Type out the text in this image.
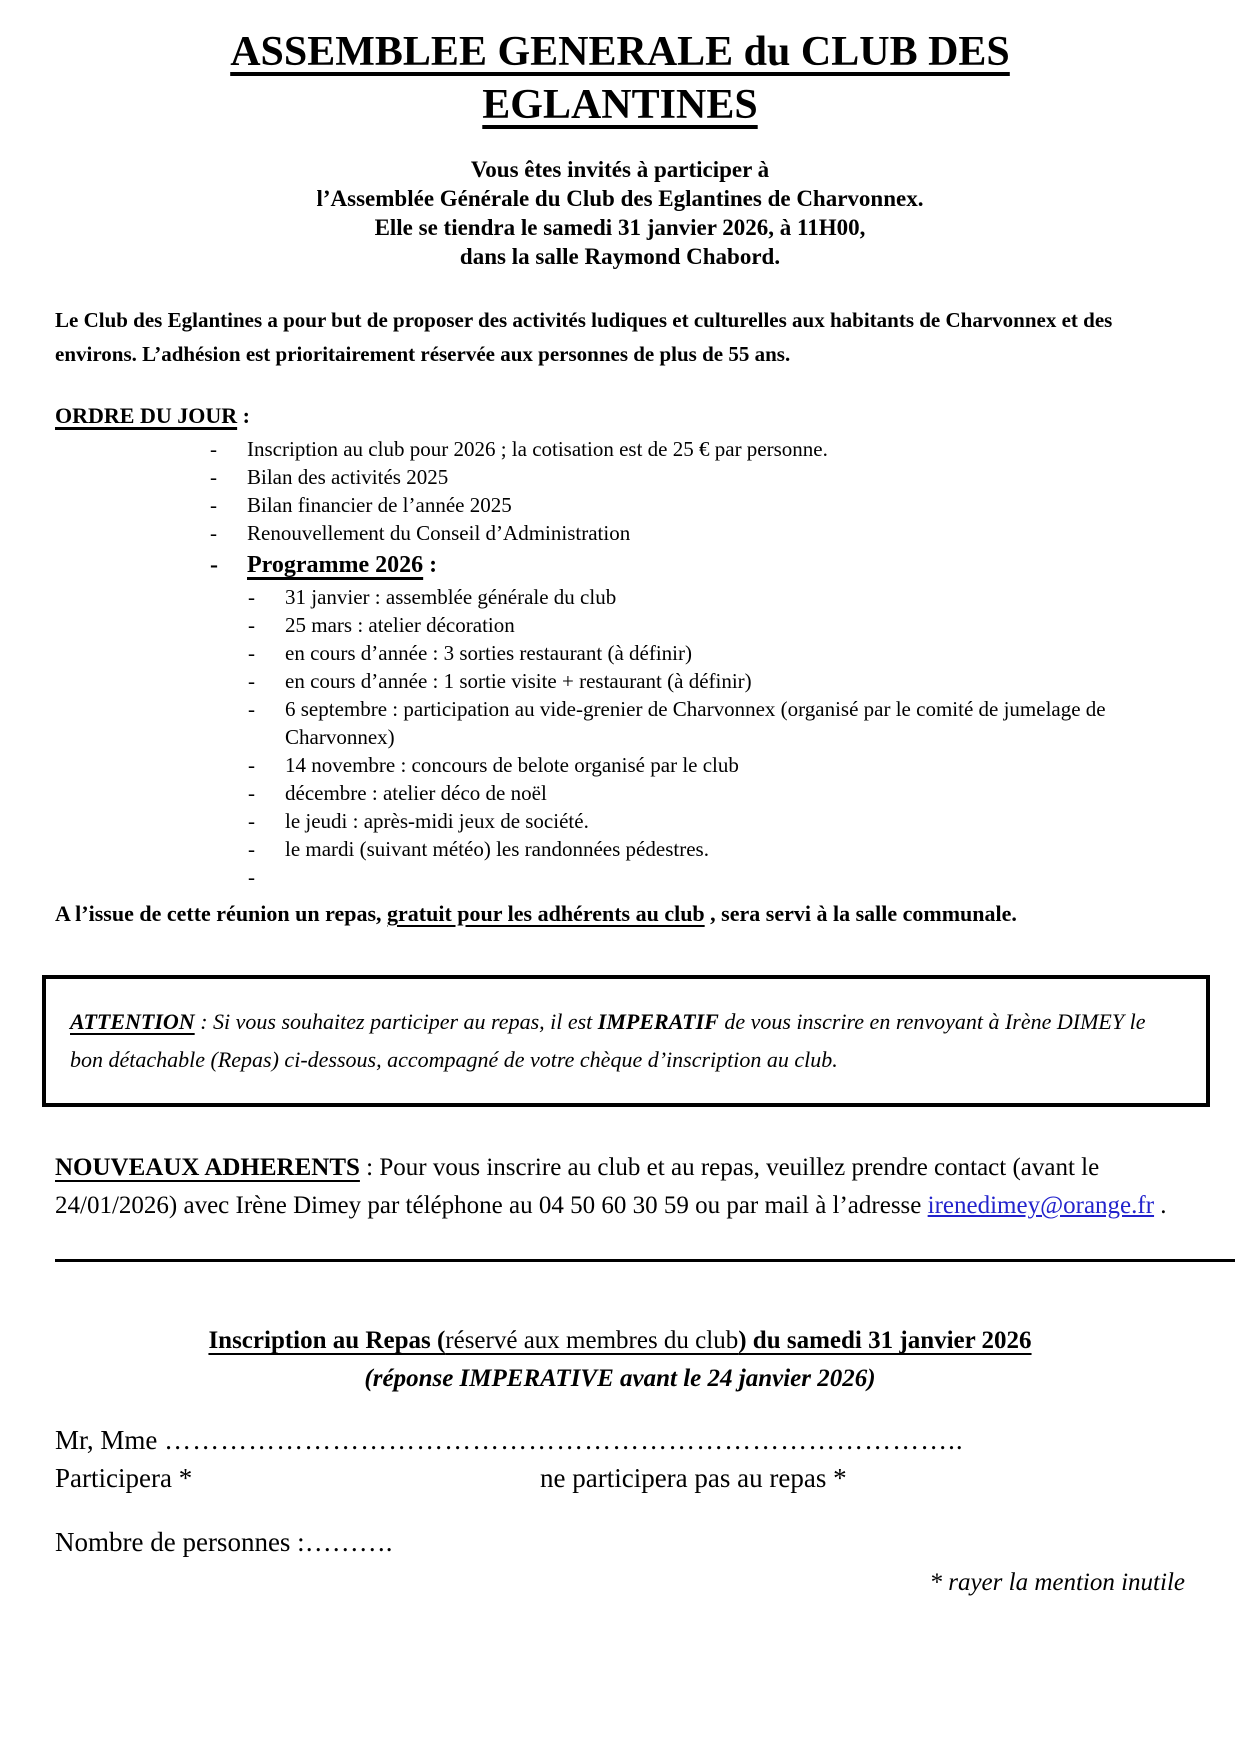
ASSEMBLEE GENERALE du CLUB DES EGLANTINES
Vous êtes invités à participer à
l’Assemblée Générale du Club des Eglantines de Charvonnex.
Elle se tiendra le samedi 31 janvier 2026, à 11H00,
dans la salle Raymond Chabord.

Le Club des Eglantines a pour but de proposer des activités ludiques et culturelles aux habitants de Charvonnex et des environs. L’adhésion est prioritairement réservée aux personnes de plus de 55 ans.

ORDRE DU JOUR :
-	Inscription au club pour 2026 ; la cotisation est de 25 € par personne.
-	Bilan des activités 2025
-	Bilan financier de l’année 2025
-	Renouvellement du Conseil d’Administration
-	Programme 2026 :
-	31 janvier : assemblée générale du club
-	25 mars : atelier décoration
-	en cours d’année : 3 sorties restaurant (à définir)
-	en cours d’année : 1 sortie visite + restaurant (à définir)
-	6 septembre : participation au vide-grenier de Charvonnex (organisé par le comité de jumelage de Charvonnex)
-	14 novembre : concours de belote organisé par le club
-	décembre : atelier déco de noël
-	le jeudi : après-midi jeux de société.
-	le mardi (suivant météo) les randonnées pédestres.
-

A l’issue de cette réunion un repas, gratuit pour les adhérents au club , sera servi à la salle communale.

ATTENTION : Si vous souhaitez participer au repas, il est IMPERATIF de vous inscrire en renvoyant à Irène DIMEY le bon détachable (Repas) ci-dessous, accompagné de votre chèque d’inscription au club.

NOUVEAUX ADHERENTS : Pour vous inscrire au club et au repas, veuillez prendre contact (avant le 24/01/2026) avec Irène Dimey par téléphone au 04 50 60 30 59 ou par mail à l’adresse irenedimey@orange.fr .

Inscription au Repas (réservé aux membres du club) du samedi 31 janvier 2026
(réponse IMPERATIVE avant le 24 janvier 2026)
Mr, Mme …………………………………………………………………………..
Participera *	ne participera pas au repas *
Nombre de personnes :……….
* rayer la mention inutile
